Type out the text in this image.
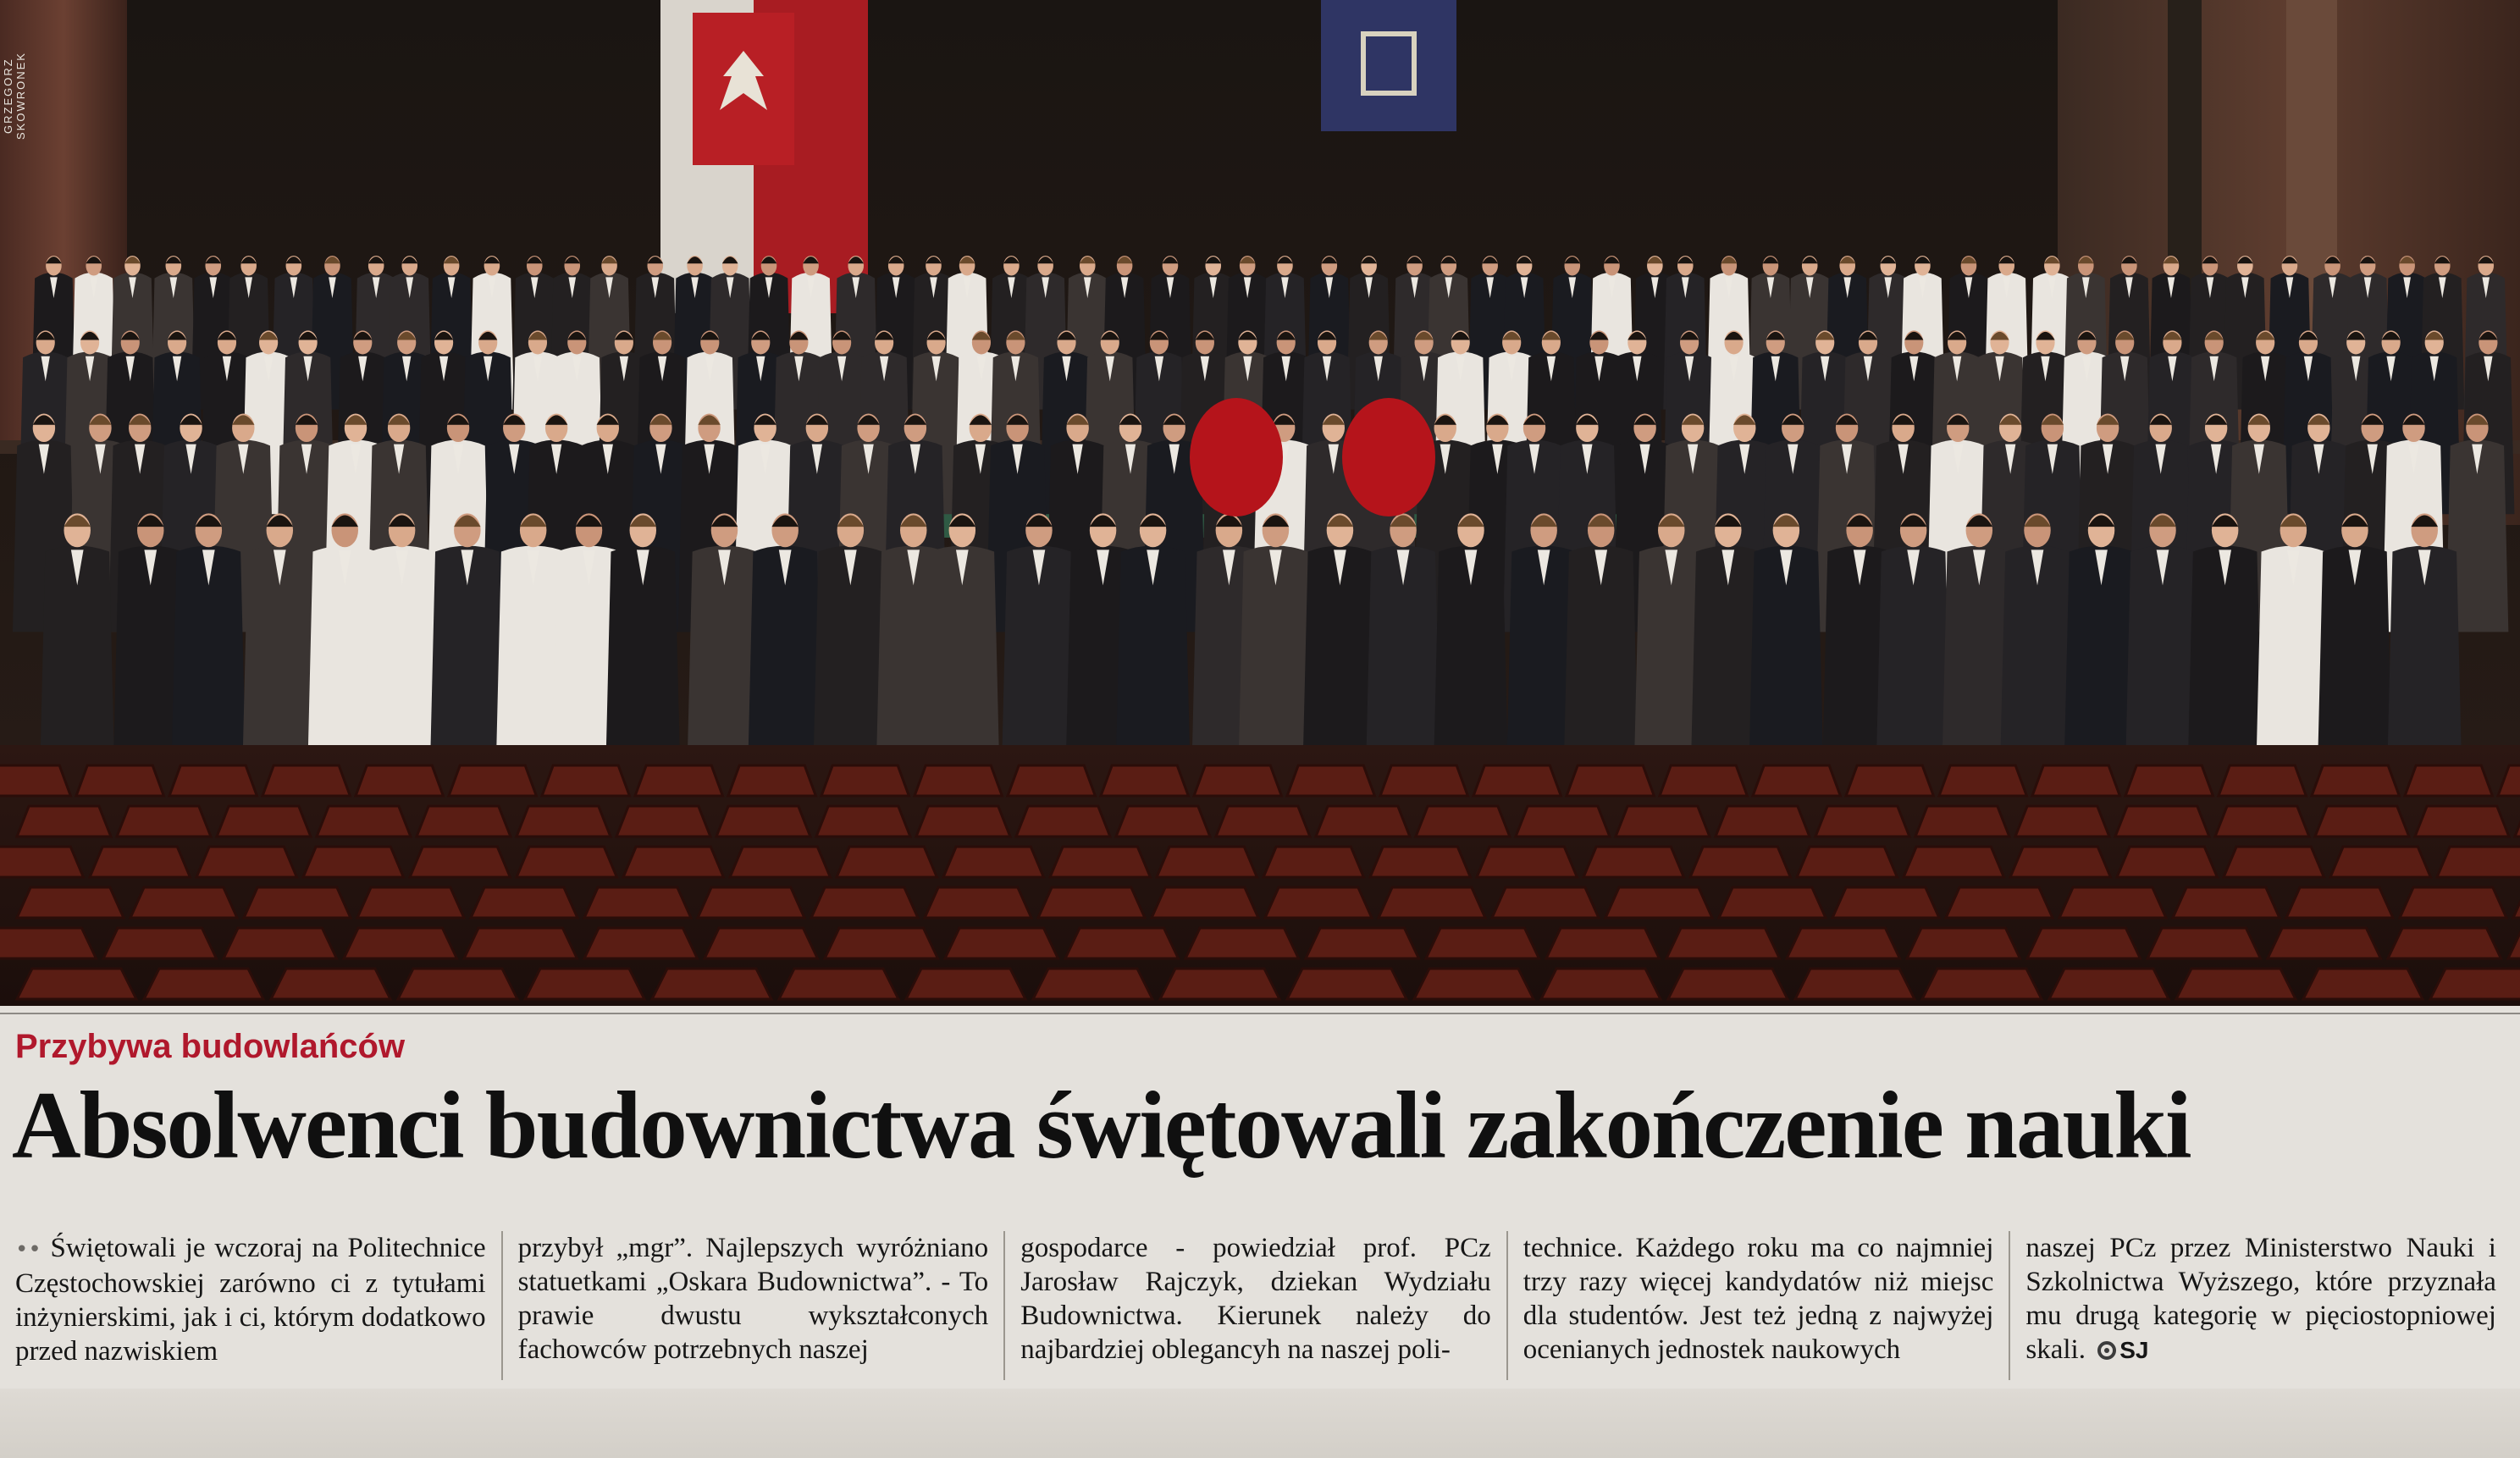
GRZEGORZ SKOWRONEK
Przybywa budowlańców
Absolwenci budownictwa świętowali zakończenie nauki
•• Świętowali je wczoraj na Politechnice Częstochowskiej zarówno ci z tytułami inżynierskimi, jak i ci, którym dodatkowo przed nazwiskiem
przybył „mgr”. Najlepszych wyróżniano statuetkami „Oskara Budownictwa”. - To prawie dwustu wykształconych fachowców potrzebnych naszej
gospodarce - powiedział prof. PCz Jarosław Rajczyk, dziekan Wydziału Budownictwa. Kierunek należy do najbardziej oblegancyh na naszej poli-
technice. Każdego roku ma co najmniej trzy razy więcej kandydatów niż miejsc dla studentów. Jest też jedną z najwyżej ocenianych jednostek naukowych
naszej PCz przez Ministerstwo Nauki i Szkolnictwa Wyższego, które przyznała mu drugą kategorię w pięciostopniowej skali. SJ
